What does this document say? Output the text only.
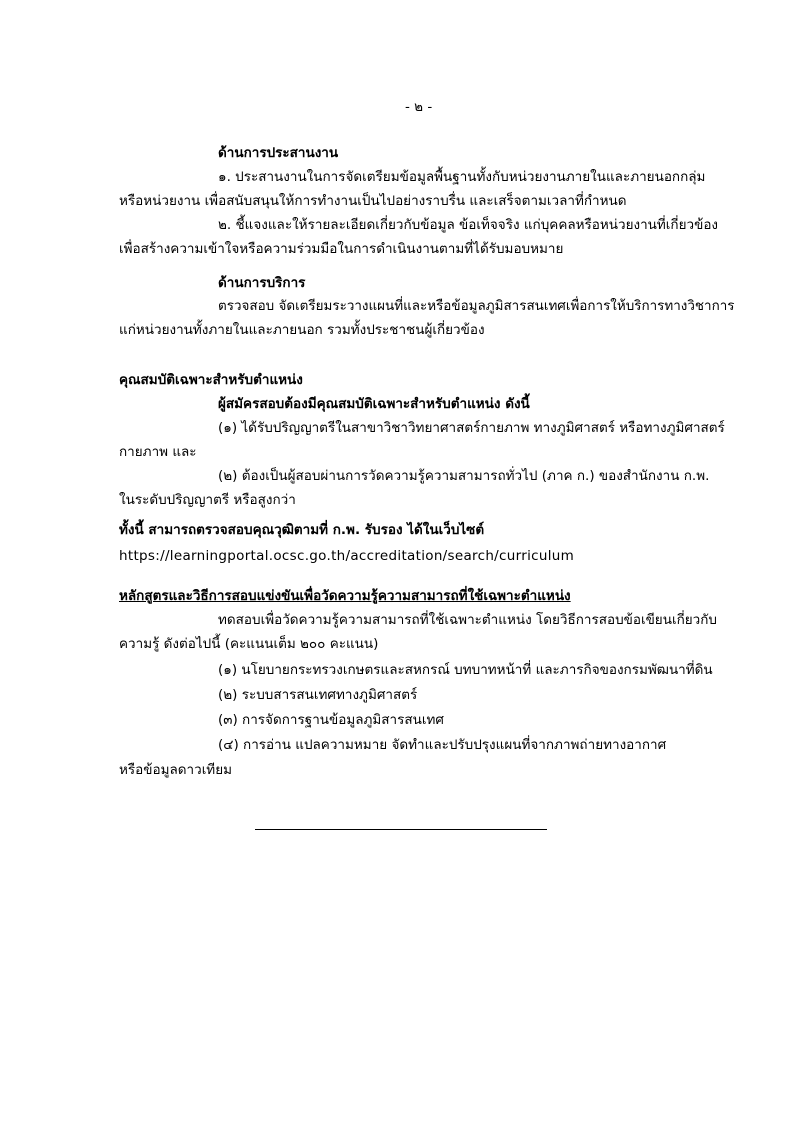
- ๒ -
ด้านการประสานงาน
๑. ประสานงานในการจัดเตรียมข้อมูลพื้นฐานทั้งกับหน่วยงานภายในและภายนอกกลุ่ม
หรือหน่วยงาน เพื่อสนับสนุนให้การทำงานเป็นไปอย่างราบรื่น และเสร็จตามเวลาที่กำหนด
๒. ชี้แจงและให้รายละเอียดเกี่ยวกับข้อมูล ข้อเท็จจริง แก่บุคคลหรือหน่วยงานที่เกี่ยวข้อง
เพื่อสร้างความเข้าใจหรือความร่วมมือในการดำเนินงานตามที่ได้รับมอบหมาย
ด้านการบริการ
ตรวจสอบ จัดเตรียมระวางแผนที่และหรือข้อมูลภูมิสารสนเทศเพื่อการให้บริการทางวิชาการ
แก่หน่วยงานทั้งภายในและภายนอก รวมทั้งประชาชนผู้เกี่ยวข้อง
คุณสมบัติเฉพาะสำหรับตำแหน่ง
ผู้สมัครสอบต้องมีคุณสมบัติเฉพาะสำหรับตำแหน่ง ดังนี้
(๑) ได้รับปริญญาตรีในสาขาวิชาวิทยาศาสตร์กายภาพ ทางภูมิศาสตร์ หรือทางภูมิศาสตร์
กายภาพ และ
(๒) ต้องเป็นผู้สอบผ่านการวัดความรู้ความสามารถทั่วไป (ภาค ก.) ของสำนักงาน ก.พ.
ในระดับปริญญาตรี หรือสูงกว่า
ทั้งนี้ สามารถตรวจสอบคุณวุฒิตามที่ ก.พ. รับรอง ได้ในเว็บไซต์
https://learningportal.ocsc.go.th/accreditation/search/curriculum
หลักสูตรและวิธีการสอบแข่งขันเพื่อวัดความรู้ความสามารถที่ใช้เฉพาะตำแหน่ง
ทดสอบเพื่อวัดความรู้ความสามารถที่ใช้เฉพาะตำแหน่ง โดยวิธีการสอบข้อเขียนเกี่ยวกับ
ความรู้ ดังต่อไปนี้ (คะแนนเต็ม ๒๐๐ คะแนน)
(๑) นโยบายกระทรวงเกษตรและสหกรณ์ บทบาทหน้าที่ และภารกิจของกรมพัฒนาที่ดิน
(๒) ระบบสารสนเทศทางภูมิศาสตร์
(๓) การจัดการฐานข้อมูลภูมิสารสนเทศ
(๔) การอ่าน แปลความหมาย จัดทำและปรับปรุงแผนที่จากภาพถ่ายทางอากาศ
หรือข้อมูลดาวเทียม
